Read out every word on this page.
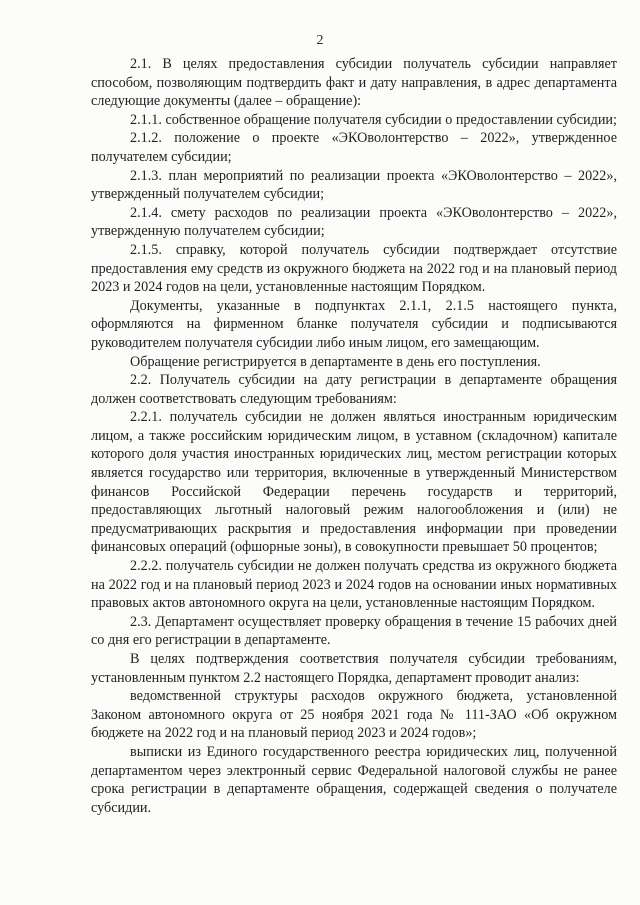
2

2.1. В целях предоставления субсидии получатель субсидии направляет способом, позволяющим подтвердить факт и дату направления, в адрес департамента следующие документы (далее – обращение):

2.1.1. собственное обращение получателя субсидии о предоставлении субсидии;

2.1.2. положение о проекте «ЭКОволонтерство – 2022», утвержденное получателем субсидии;

2.1.3. план мероприятий по реализации проекта «ЭКОволонтерство – 2022», утвержденный получателем субсидии;

2.1.4. смету расходов по реализации проекта «ЭКОволонтерство – 2022», утвержденную получателем субсидии;

2.1.5. справку, которой получатель субсидии подтверждает отсутствие предоставления ему средств из окружного бюджета на 2022 год и на плановый период 2023 и 2024 годов на цели, установленные настоящим Порядком.

Документы, указанные в подпунктах 2.1.1, 2.1.5 настоящего пункта, оформляются на фирменном бланке получателя субсидии и подписываются руководителем получателя субсидии либо иным лицом, его замещающим.

Обращение регистрируется в департаменте в день его поступления.

2.2. Получатель субсидии на дату регистрации в департаменте обращения должен соответствовать следующим требованиям:

2.2.1. получатель субсидии не должен являться иностранным юридическим лицом, а также российским юридическим лицом, в уставном (складочном) капитале которого доля участия иностранных юридических лиц, местом регистрации которых является государство или территория, включенные в утвержденный Министерством финансов Российской Федерации перечень государств и территорий, предоставляющих льготный налоговый режим налогообложения и (или) не предусматривающих раскрытия и предоставления информации при проведении финансовых операций (офшорные зоны), в совокупности превышает 50 процентов;

2.2.2. получатель субсидии не должен получать средства из окружного бюджета на 2022 год и на плановый период 2023 и 2024 годов на основании иных нормативных правовых актов автономного округа на цели, установленные настоящим Порядком.

2.3. Департамент осуществляет проверку обращения в течение 15 рабочих дней со дня его регистрации в департаменте.

В целях подтверждения соответствия получателя субсидии требованиям, установленным пунктом 2.2 настоящего Порядка, департамент проводит анализ:

ведомственной структуры расходов окружного бюджета, установленной Законом автономного округа от 25 ноября 2021 года № 111-ЗАО «Об окружном бюджете на 2022 год и на плановый период 2023 и 2024 годов»;

выписки из Единого государственного реестра юридических лиц, полученной департаментом через электронный сервис Федеральной налоговой службы не ранее срока регистрации в департаменте обращения, содержащей сведения о получателе субсидии.
